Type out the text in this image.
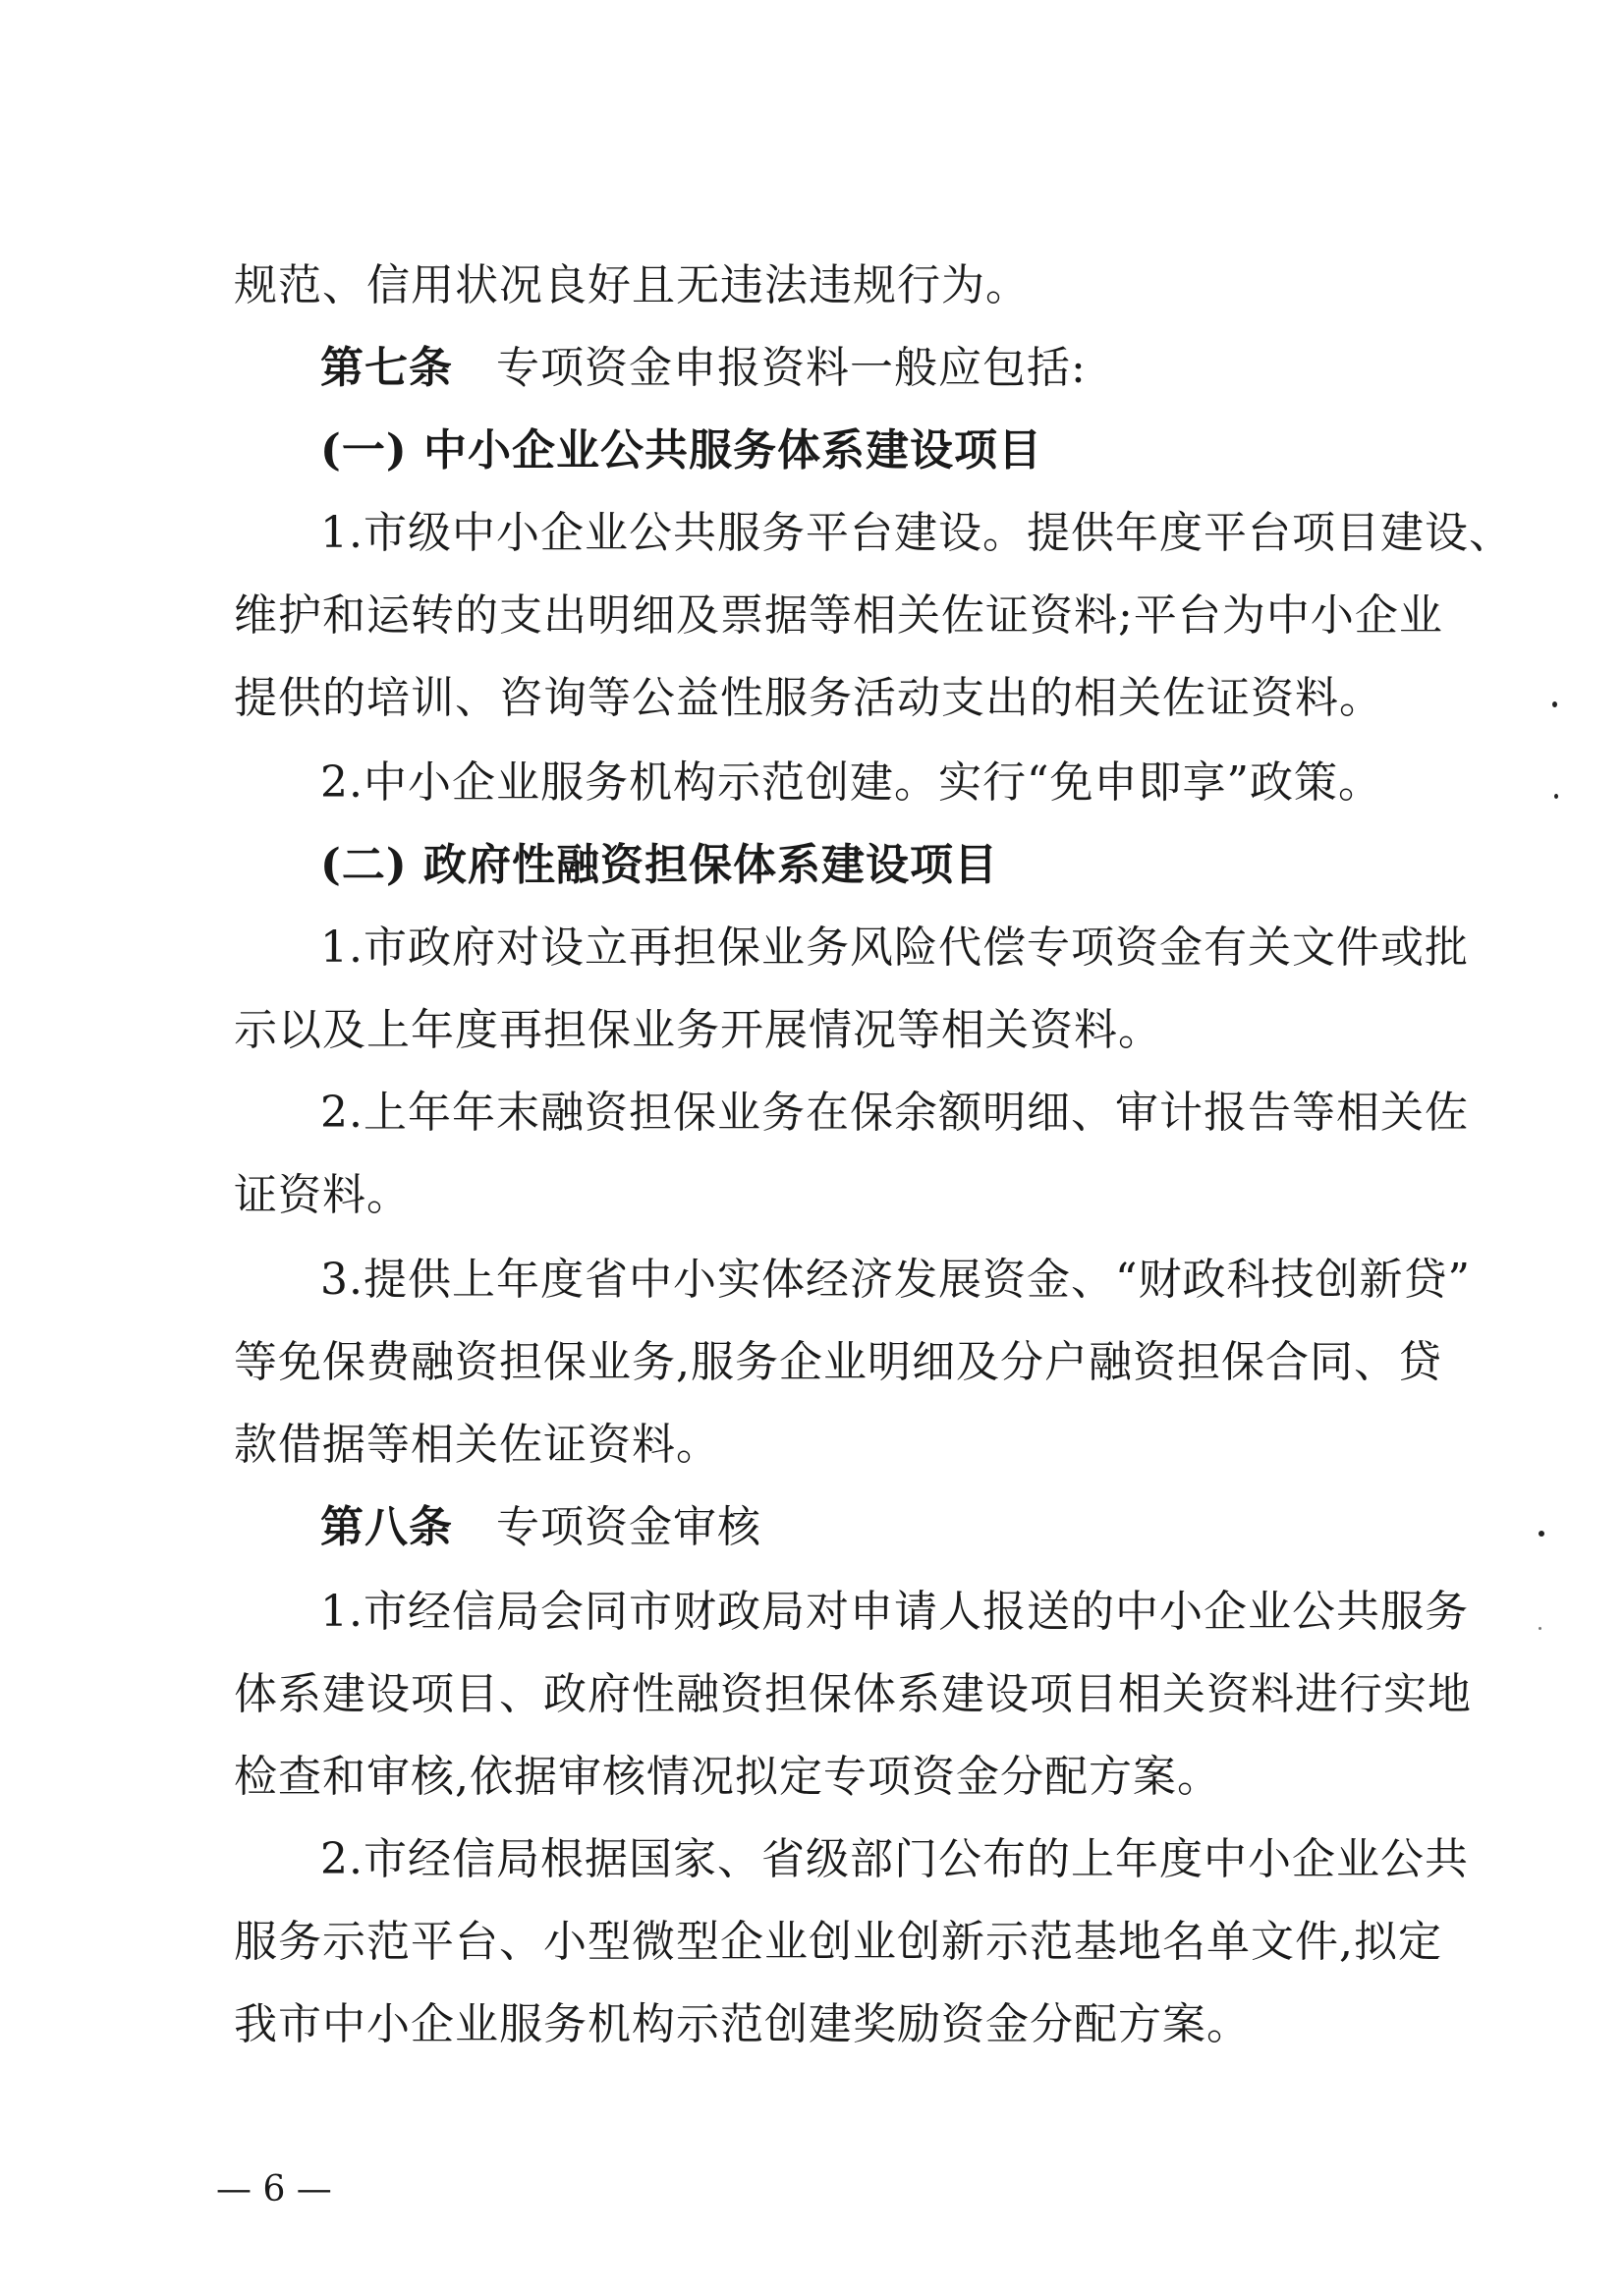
规范、信用状况良好且无违法违规行为。
第七条 专项资金申报资料一般应包括:
(一) 中小企业公共服务体系建设项目
1.市级中小企业公共服务平台建设。提供年度平台项目建设、
维护和运转的支出明细及票据等相关佐证资料;平台为中小企业
提供的培训、咨询等公益性服务活动支出的相关佐证资料。
2.中小企业服务机构示范创建。实行“免申即享”政策。
(二) 政府性融资担保体系建设项目
1.市政府对设立再担保业务风险代偿专项资金有关文件或批
示以及上年度再担保业务开展情况等相关资料。
2.上年年末融资担保业务在保余额明细、审计报告等相关佐
证资料。
3.提供上年度省中小实体经济发展资金、“财政科技创新贷”
等免保费融资担保业务,服务企业明细及分户融资担保合同、贷
款借据等相关佐证资料。
第八条 专项资金审核
1.市经信局会同市财政局对申请人报送的中小企业公共服务
体系建设项目、政府性融资担保体系建设项目相关资料进行实地
检查和审核,依据审核情况拟定专项资金分配方案。
2.市经信局根据国家、省级部门公布的上年度中小企业公共
服务示范平台、小型微型企业创业创新示范基地名单文件,拟定
我市中小企业服务机构示范创建奖励资金分配方案。
— 6 —
